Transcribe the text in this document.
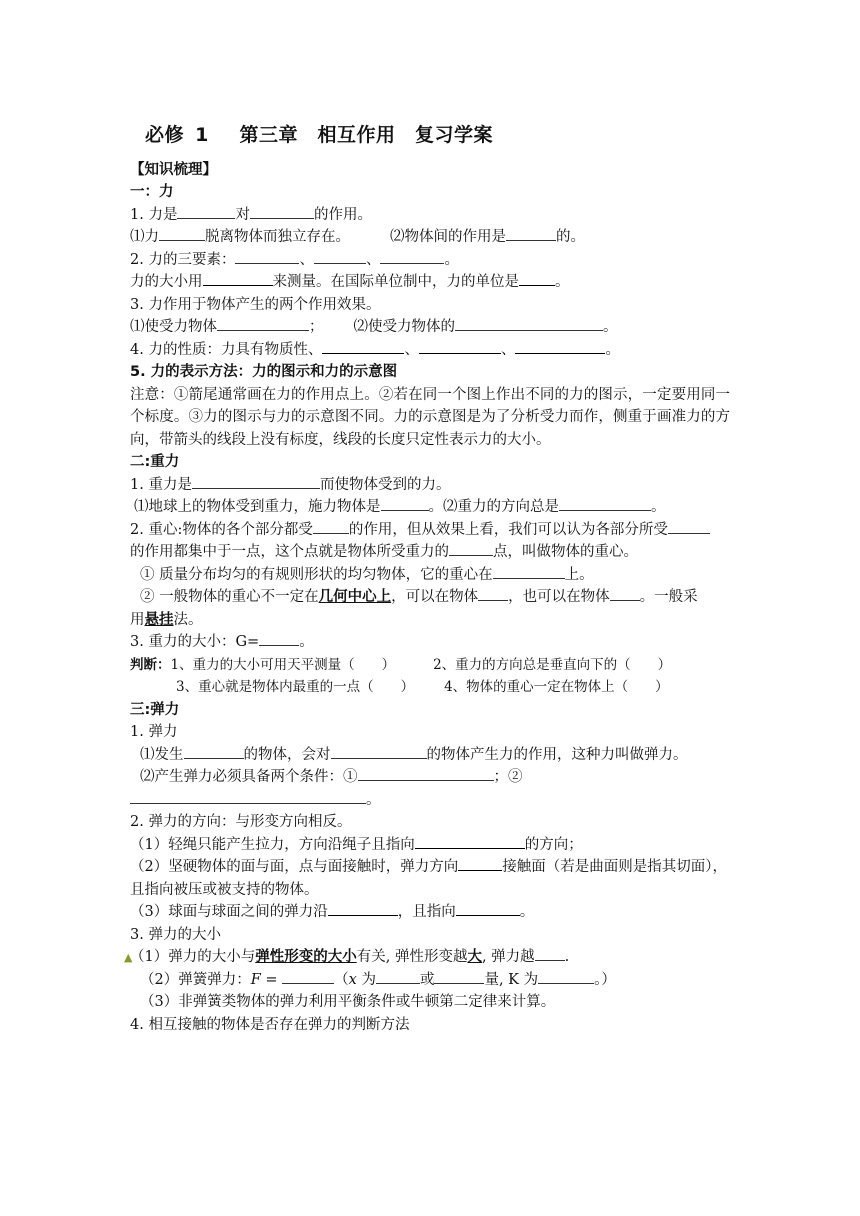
必修 1　 第三章　相互作用　复习学案
【知识梳理】
一：力
1. 力是	对	的作用。
⑴力	脱离物体而独立存在。	⑵物体间的作用是	的。
2. 力的三要素：	、	、	。
力的大小用	来测量。在国际单位制中，力的单位是 。
3. 力作用于物体产生的两个作用效果。
⑴使受力物体	； ⑵使受力物体的	。
4. 力的性质：力具有物质性、	、	、	。
5. 力的表示方法：力的图示和力的示意图
注意：①箭尾通常画在力的作用点上。②若在同一个图上作出不同的力的图示，一定要用同一个标度。③力的图示与力的示意图不同。力的示意图是为了分析受力而作，侧重于画准力的方向，带箭头的线段上没有标度，线段的长度只定性表示力的大小。
二:重力
1. 重力是	而使物体受到的力。
⑴地球上的物体受到重力，施力物体是	。⑵重力的方向总是	。
2. 重心:物体的各个部分都受 的作用，但从效果上看，我们可以认为各部分所受
的作用都集中于一点，这个点就是物体所受重力的	点，叫做物体的重心。
① 质量分布均匀的有规则形状的均匀物体，它的重心在	上。
② 一般物体的重心不一定在几何中心上，可以在物体 ，也可以在物体 。一般采
用悬挂法。
3. 重力的大小：G=	。
判断：1、重力的大小可用天平测量（　　）	2、重力的方向总是垂直向下的（　　）
3、重心就是物体内最重的一点（　　） 4、物体的重心一定在物体上（　　）
三:弹力
1. 弹力
⑴发生	的物体，会对	的物体产生力的作用，这种力叫做弹力。
⑵产生弹力必须具备两个条件：①	；②
。
2. 弹力的方向：与形变方向相反。
（1）轻绳只能产生拉力，方向沿绳子且指向	的方向；
（2）坚硬物体的面与面，点与面接触时，弹力方向	接触面（若是曲面则是指其切面），
且指向被压或被支持的物体。
（3）球面与球面之间的弹力沿	，且指向	。
3. 弹力的大小
▲（1）弹力的大小与弹性形变的大小有关, 弹性形变越大, 弹力越 .
（2）弹簧弹力：F =	（x 为	或	量, K 为	。）
（3）非弹簧类物体的弹力利用平衡条件或牛顿第二定律来计算。
4. 相互接触的物体是否存在弹力的判断方法
